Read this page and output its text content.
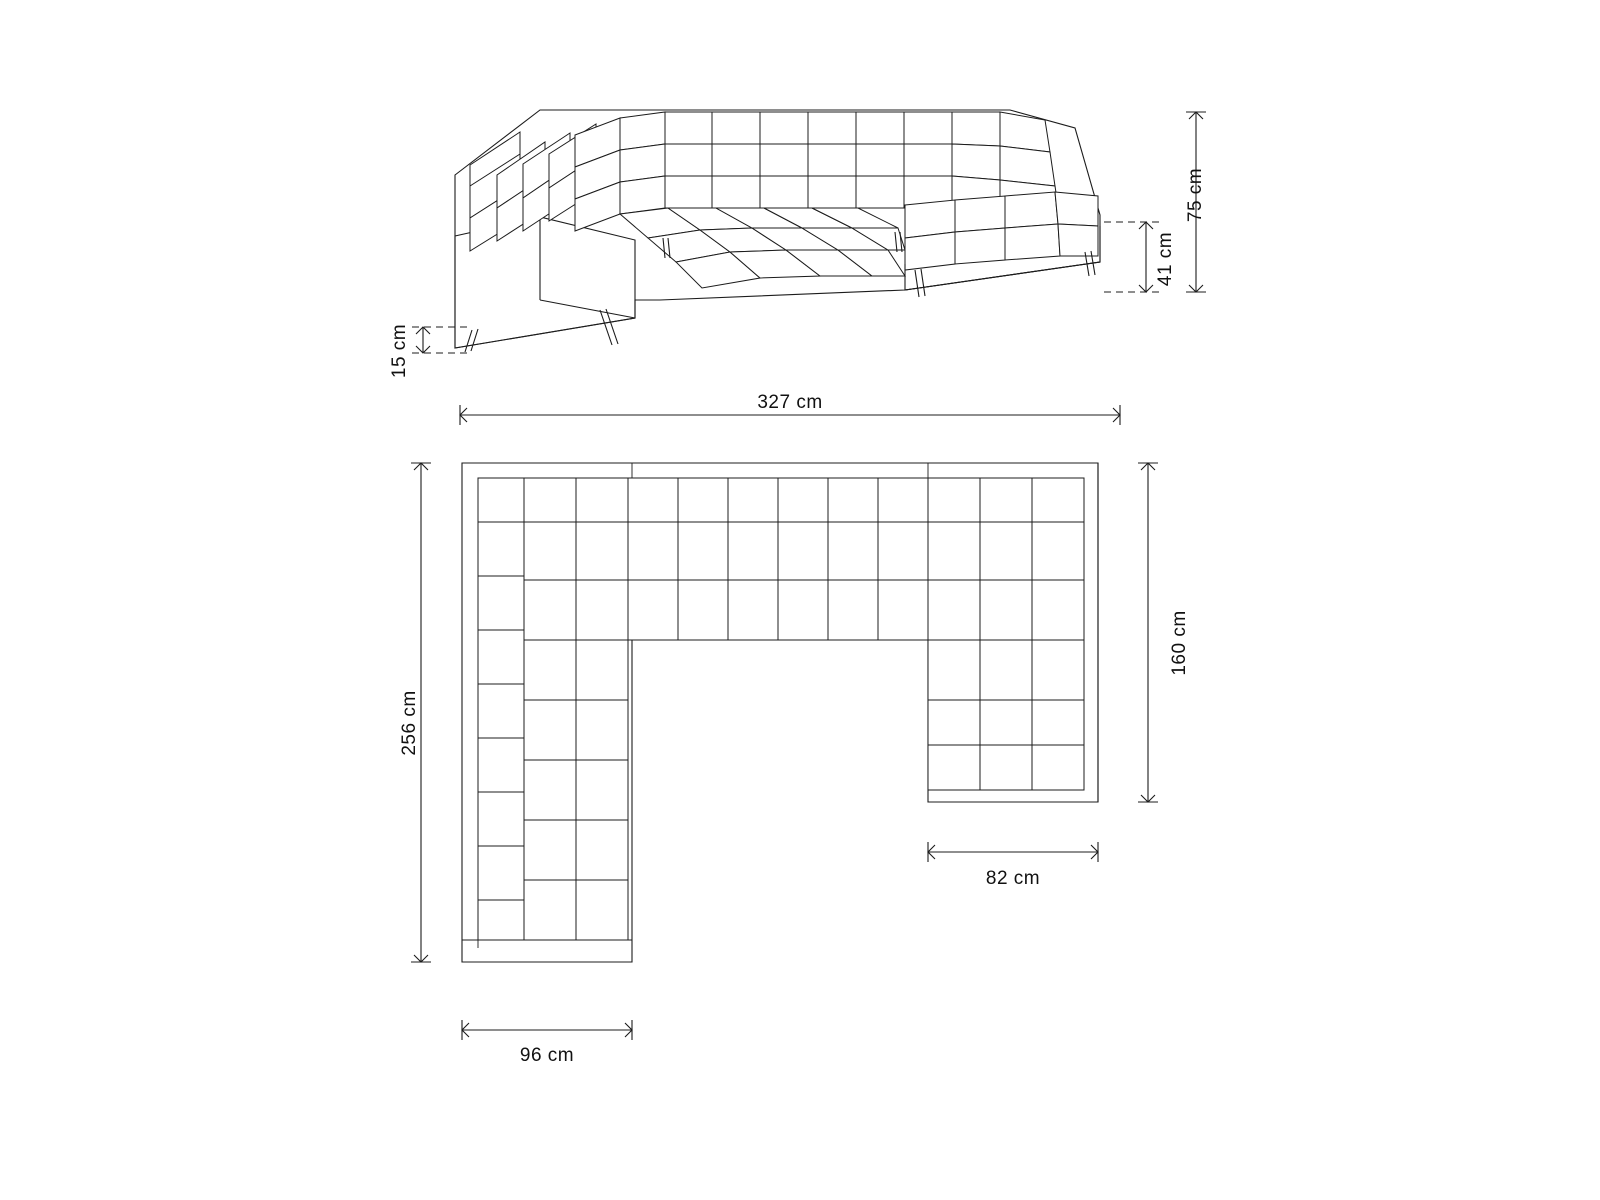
75 cm
41 cm
15 cm
327 cm
256 cm
160 cm
82 cm
96 cm
